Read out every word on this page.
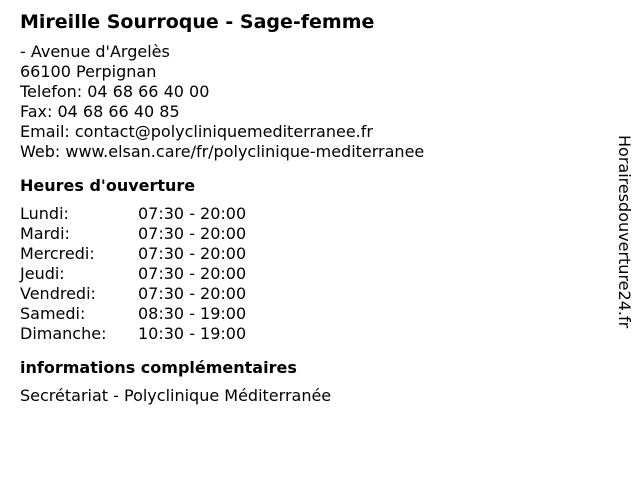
Mireille Sourroque - Sage-femme
- Avenue d'Argelès
66100 Perpignan
Telefon: 04 68 66 40 00
Fax: 04 68 66 40 85
Email: contact@polycliniquemediterranee.fr
Web: www.elsan.care/fr/polyclinique-mediterranee
Heures d'ouverture
Lundi:	07:30 - 20:00
Mardi:	07:30 - 20:00
Mercredi:	07:30 - 20:00
Jeudi:	07:30 - 20:00
Vendredi:	07:30 - 20:00
Samedi:	08:30 - 19:00
Dimanche:	10:30 - 19:00
informations complémentaires
Secrétariat - Polyclinique Méditerranée
Horairesdouverture24.fr
